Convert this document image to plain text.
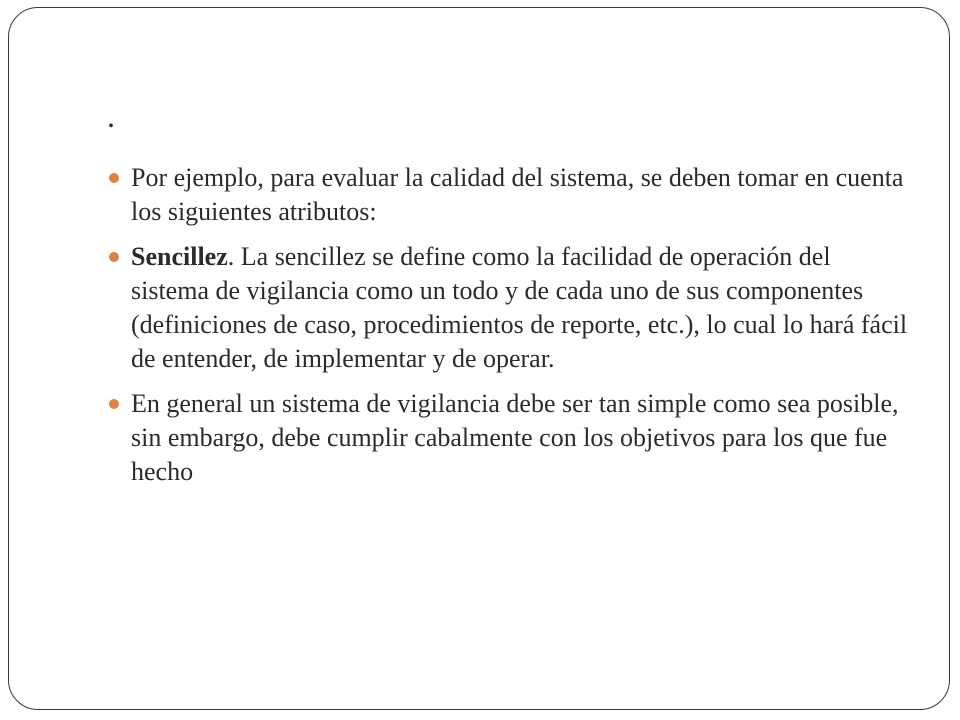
.
Por ejemplo, para evaluar la calidad del sistema, se deben tomar en cuenta los siguientes atributos:
Sencillez. La sencillez se define como la facilidad de operación del sistema de vigilancia como un todo y de cada uno de sus componentes (definiciones de caso, procedimientos de reporte, etc.), lo cual lo hará fácil de entender, de implementar y de operar.
En general un sistema de vigilancia debe ser tan simple como sea posible, sin embargo, debe cumplir cabalmente con los objetivos para los que fue hecho
